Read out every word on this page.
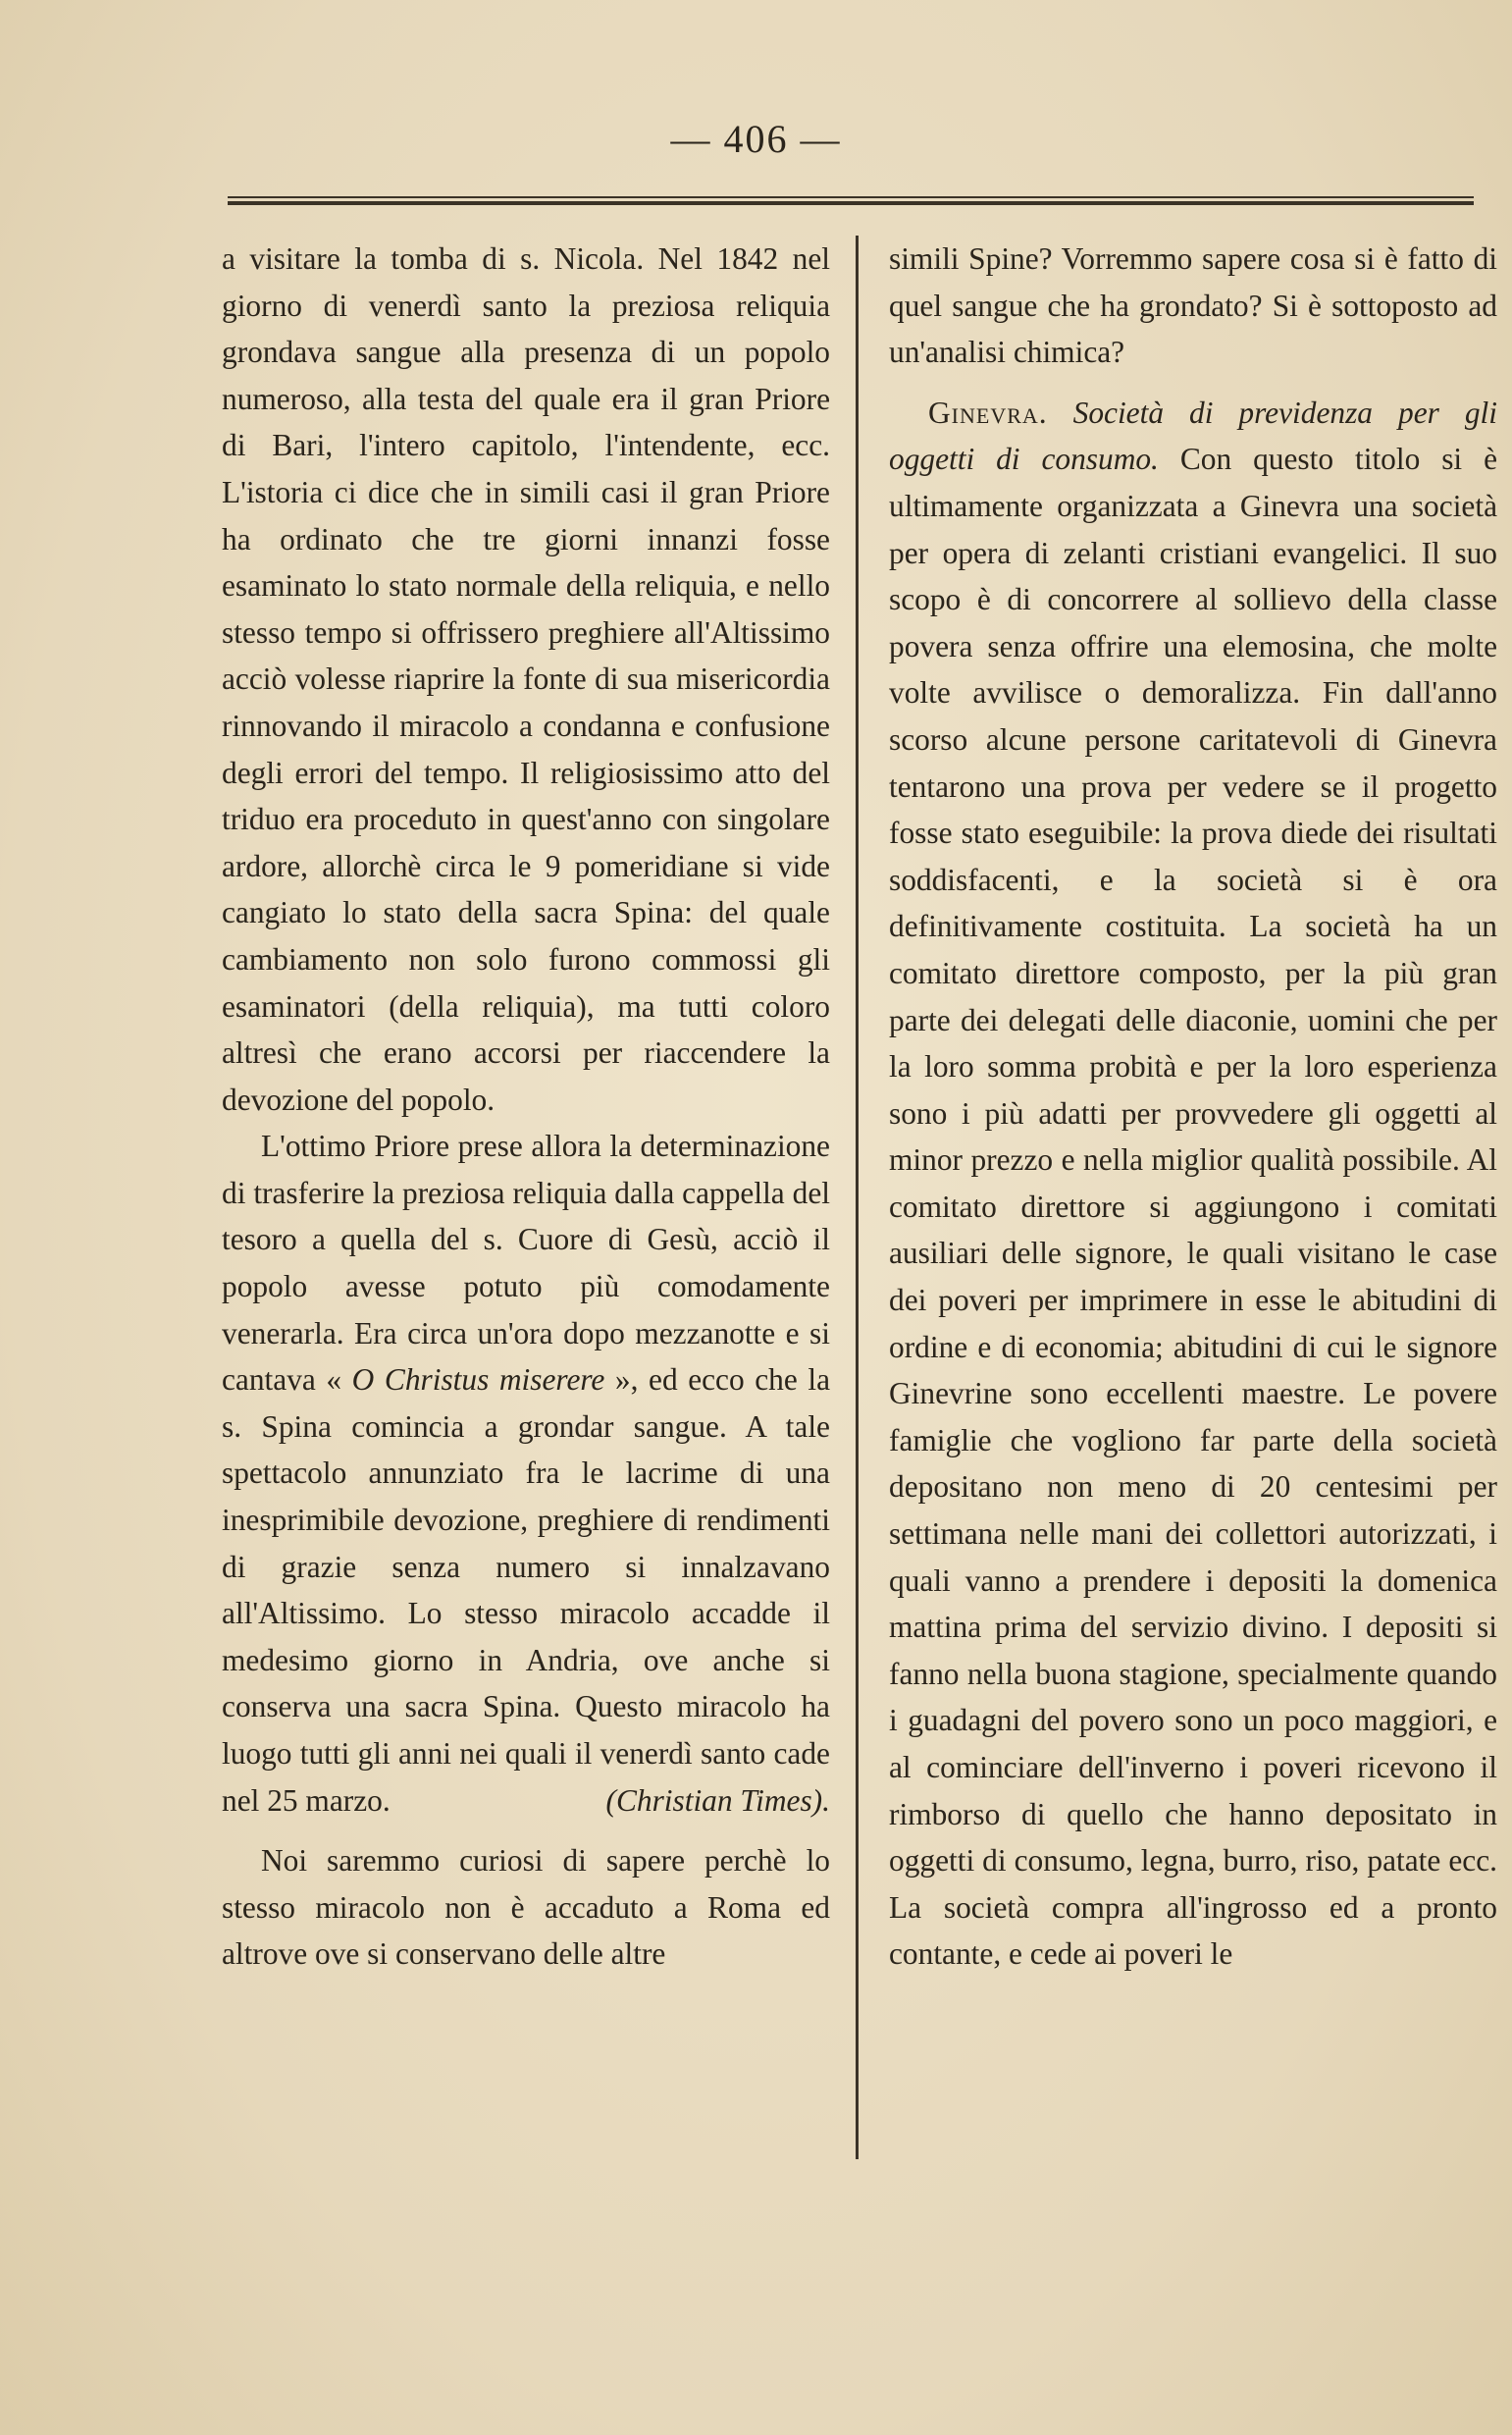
— 406 —

a visitare la tomba di s. Nicola. Nel 1842 nel giorno di venerdì santo la preziosa reliquia grondava sangue alla presenza di un popolo numeroso, alla testa del quale era il gran Priore di Bari, l'intero capitolo, l'intendente, ecc. L'istoria ci dice che in simili casi il gran Priore ha ordinato che tre giorni innanzi fosse esaminato lo stato normale della reliquia, e nello stesso tempo si offrissero preghiere all'Altissimo acciò volesse riaprire la fonte di sua misericordia rinnovando il miracolo a condanna e confusione degli errori del tempo. Il religiosissimo atto del triduo era proceduto in quest'anno con singolare ardore, allorchè circa le 9 pomeridiane si vide cangiato lo stato della sacra Spina: del quale cambiamento non solo furono commossi gli esaminatori (della reliquia), ma tutti coloro altresì che erano accorsi per riaccendere la devozione del popolo.

L'ottimo Priore prese allora la determinazione di trasferire la preziosa reliquia dalla cappella del tesoro a quella del s. Cuore di Gesù, acciò il popolo avesse potuto più comodamente venerarla. Era circa un'ora dopo mezzanotte e si cantava « O Christus miserere », ed ecco che la s. Spina comincia a grondar sangue. A tale spettacolo annunziato fra le lacrime di una inesprimibile devozione, preghiere di rendimenti di grazie senza numero si innalzavano all'Altissimo. Lo stesso miracolo accadde il medesimo giorno in Andria, ove anche si conserva una sacra Spina. Questo miracolo ha luogo tutti gli anni nei quali il venerdì santo cade nel 25 marzo.	(Christian Times).

Noi saremmo curiosi di sapere perchè lo stesso miracolo non è accaduto a Roma ed altrove ove si conservano delle altre

simili Spine? Vorremmo sapere cosa si è fatto di quel sangue che ha grondato? Si è sottoposto ad un'analisi chimica?

Ginevra. Società di previdenza per gli oggetti di consumo. Con questo titolo si è ultimamente organizzata a Ginevra una società per opera di zelanti cristiani evangelici. Il suo scopo è di concorrere al sollievo della classe povera senza offrire una elemosina, che molte volte avvilisce o demoralizza. Fin dall'anno scorso alcune persone caritatevoli di Ginevra tentarono una prova per vedere se il progetto fosse stato eseguibile: la prova diede dei risultati soddisfacenti, e la società si è ora definitivamente costituita. La società ha un comitato direttore composto, per la più gran parte dei delegati delle diaconie, uomini che per la loro somma probità e per la loro esperienza sono i più adatti per provvedere gli oggetti al minor prezzo e nella miglior qualità possibile. Al comitato direttore si aggiungono i comitati ausiliari delle signore, le quali visitano le case dei poveri per imprimere in esse le abitudini di ordine e di economia; abitudini di cui le signore Ginevrine sono eccellenti maestre. Le povere famiglie che vogliono far parte della società depositano non meno di 20 centesimi per settimana nelle mani dei collettori autorizzati, i quali vanno a prendere i depositi la domenica mattina prima del servizio divino. I depositi si fanno nella buona stagione, specialmente quando i guadagni del povero sono un poco maggiori, e al cominciare dell'inverno i poveri ricevono il rimborso di quello che hanno depositato in oggetti di consumo, legna, burro, riso, patate ecc. La società compra all'ingrosso ed a pronto contante, e cede ai poveri le
